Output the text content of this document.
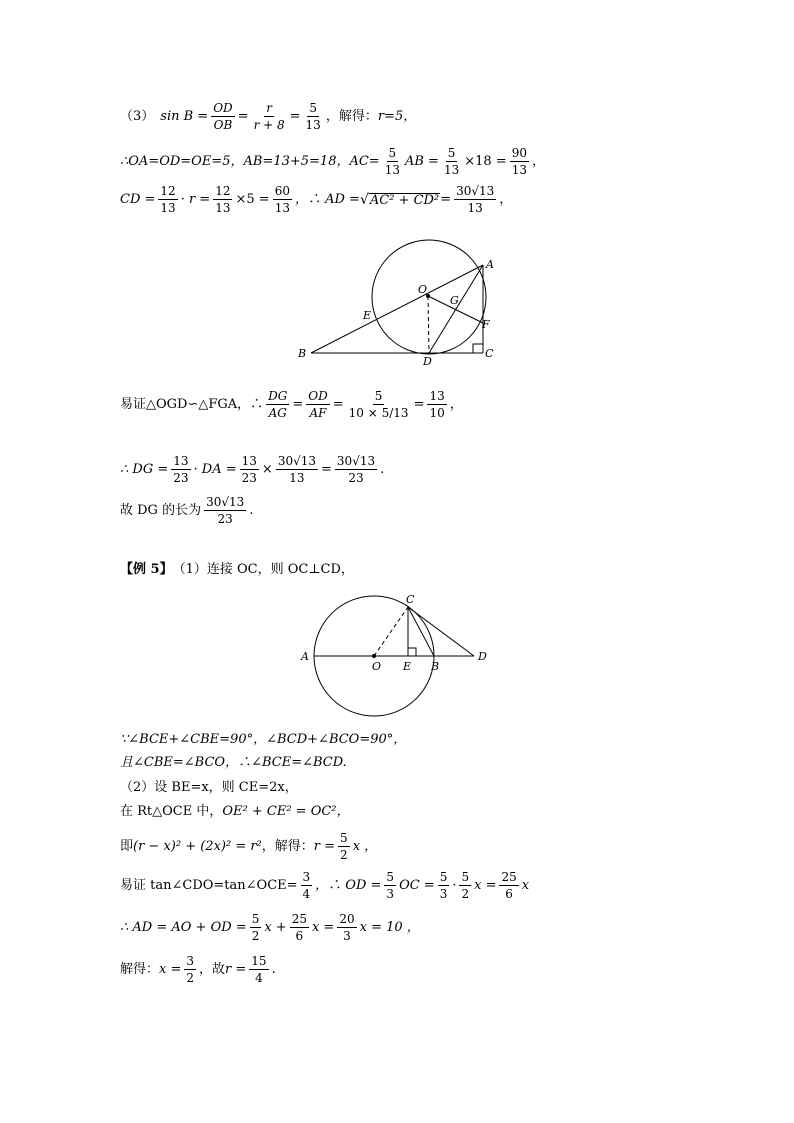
（3） $\sin B = \frac{OD}{OB} = \frac{r}{r + 8} = \frac{5}{13}$ ，解得： r=5，
∴OA=OD=OE=5，AB=13+5=18，$AC= \frac{5}{13}$ AB = $\frac{5}{13} \times 18 = \frac{90}{13}$ ，
CD = $\frac{12}{13} \cdot r = \frac{12}{13} \times 5 = \frac{60}{13}$ ，∴ AD = √ $AC^2 + CD^2 = \frac{30√13}{13}$ ，
A
O
G
E
F
B
D
C
易证△OGD∽△FGA，∴ $\frac{DG}{AG} = \frac{OD}{AF} = \frac{5}{10 \times 5/13} = \frac{13}{10}$ ，
∴ DG = $\frac{13}{23}$ · DA = $\frac{13}{23} \times \frac{30√13}{13} = \frac{30√13}{23}$ .
故 DG 的长为 $\frac{30√13}{23}$ .
【例 5】 （1）连接 OC，则 OC⊥CD，
C
A
O E B
D
∵∠BCE+∠CBE=90°，∠BCD+∠BCO=90°，
且∠CBE=∠BCO，∴∠BCE=∠BCD.
（2）设 BE=x，则 CE=2x，
在 Rt△OCE 中， OE² + CE² = OC²，
即 (r − x)² + (2x)² = r² ，解得： $r = \frac{5}{2}$ x ，
易证 tan∠CDO=tan∠OCE= $\frac{3}{4}$ ，∴ OD = $\frac{5}{3}$ OC = $\frac{5}{3} \cdot \frac{5}{2}$ $x = \frac{25}{6}$ x
∴ AD = AO + OD = $\frac{5}{2}$ $x + \frac{25}{6}$ $x = \frac{20}{3}$ x = 10 ，
解得： $x = \frac{3}{2}$ ，故 $r = \frac{15}{4}$ .
